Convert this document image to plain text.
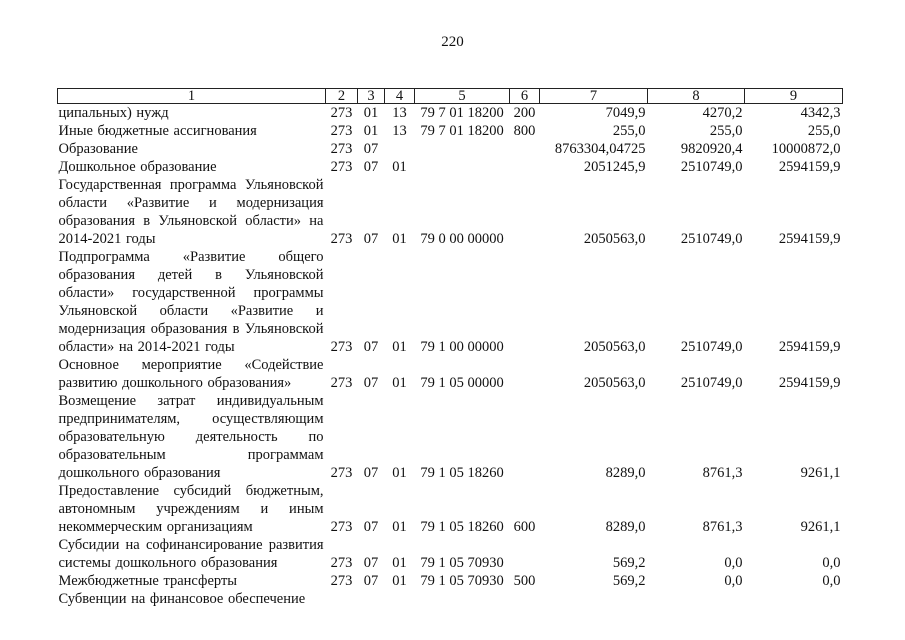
220
1	2	3	4	5	6	7	8	9
ципальных) нужд	273	01	13	79 7 01 18200	200	7049,9	4270,2	4342,3
Иные бюджетные ассигнования	273	01	13	79 7 01 18200	800	255,0	255,0	255,0
Образование	273	07				8763304,04725	9820920,4	10000872,0
Дошкольное образование	273	07	01			2051245,9	2510749,0	2594159,9
Государственная программа Ульяновской области «Развитие и модернизация образования в Ульяновской области» на 2014-2021 годы	273	07	01	79 0 00 00000		2050563,0	2510749,0	2594159,9
Подпрограмма «Развитие общего образования детей в Ульяновской области» государственной программы Ульяновской области «Развитие и модернизация образования в Ульяновской области» на 2014-2021 годы	273	07	01	79 1 00 00000		2050563,0	2510749,0	2594159,9
Основное мероприятие «Содействие развитию дошкольного образования»	273	07	01	79 1 05 00000		2050563,0	2510749,0	2594159,9
Возмещение затрат индивидуальным предпринимателям, осуществляющим образовательную деятельность по образовательным программам дошкольного образования	273	07	01	79 1 05 18260		8289,0	8761,3	9261,1
Предоставление субсидий бюджетным, автономным учреждениям и иным некоммерческим организациям	273	07	01	79 1 05 18260	600	8289,0	8761,3	9261,1
Субсидии на софинансирование развития системы дошкольного образования	273	07	01	79 1 05 70930		569,2	0,0	0,0
Межбюджетные трансферты	273	07	01	79 1 05 70930	500	569,2	0,0	0,0
Субвенции на финансовое обеспечение								
